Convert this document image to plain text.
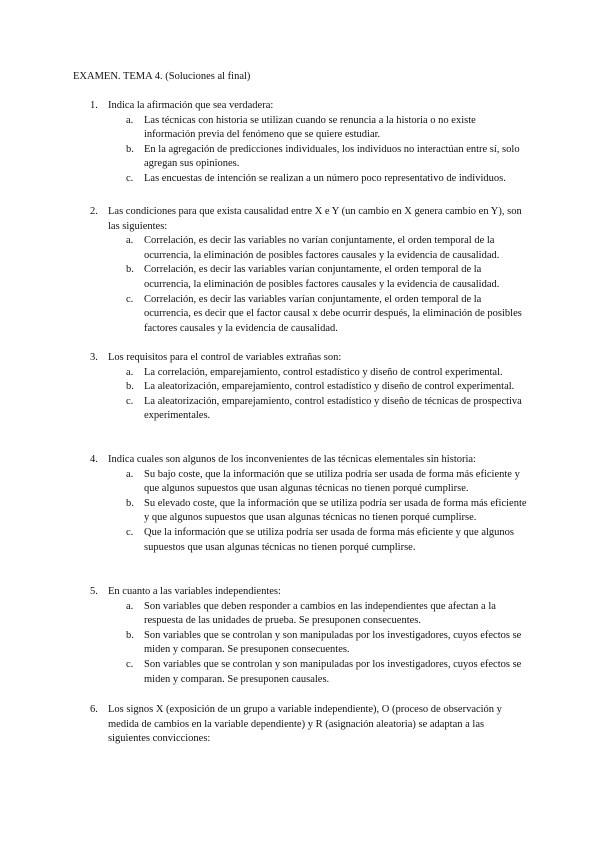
EXAMEN. TEMA 4. (Soluciones al final)
1. Indica la afirmación que sea verdadera:
a. Las técnicas con historia se utilizan cuando se renuncia a la historia o no existe información previa del fenómeno que se quiere estudiar.
b. En la agregación de predicciones individuales, los individuos no interactúan entre sí, solo agregan sus opiniones.
c. Las encuestas de intención se realizan a un número poco representativo de individuos.
2. Las condiciones para que exista causalidad entre X e Y (un cambio en X genera cambio en Y), son las siguientes:
a. Correlación, es decir las variables no varían conjuntamente, el orden temporal de la ocurrencia, la eliminación de posibles factores causales y la evidencia de causalidad.
b. Correlación, es decir las variables varían conjuntamente, el orden temporal de la ocurrencia, la eliminación de posibles factores causales y la evidencia de causalidad.
c. Correlación, es decir las variables varían conjuntamente, el orden temporal de la ocurrencia, es decir que el factor causal x debe ocurrir después, la eliminación de posibles factores causales y la evidencia de causalidad.
3. Los requisitos para el control de variables extrañas son:
a. La correlación, emparejamiento, control estadístico y diseño de control experimental.
b. La aleatorización, emparejamiento, control estadístico y diseño de control experimental.
c. La aleatorización, emparejamiento, control estadístico y diseño de técnicas de prospectiva experimentales.
4. Indica cuales son algunos de los inconvenientes de las técnicas elementales sin historia:
a. Su bajo coste, que la información que se utiliza podría ser usada de forma más eficiente y que algunos supuestos que usan algunas técnicas no tienen porqué cumplirse.
b. Su elevado coste, que la información que se utiliza podría ser usada de forma más eficiente y que algunos supuestos que usan algunas técnicas no tienen porqué cumplirse.
c. Que la información que se utiliza podría ser usada de forma más eficiente y que algunos supuestos que usan algunas técnicas no tienen porqué cumplirse.
5. En cuanto a las variables independientes:
a. Son variables que deben responder a cambios en las independientes que afectan a la respuesta de las unidades de prueba. Se presuponen consecuentes.
b. Son variables que se controlan y son manipuladas por los investigadores, cuyos efectos se miden y comparan. Se presuponen consecuentes.
c. Son variables que se controlan y son manipuladas por los investigadores, cuyos efectos se miden y comparan. Se presuponen causales.
6. Los signos X (exposición de un grupo a variable independiente), O (proceso de observación y medida de cambios en la variable dependiente) y R (asignación aleatoria) se adaptan a las siguientes convicciones:
